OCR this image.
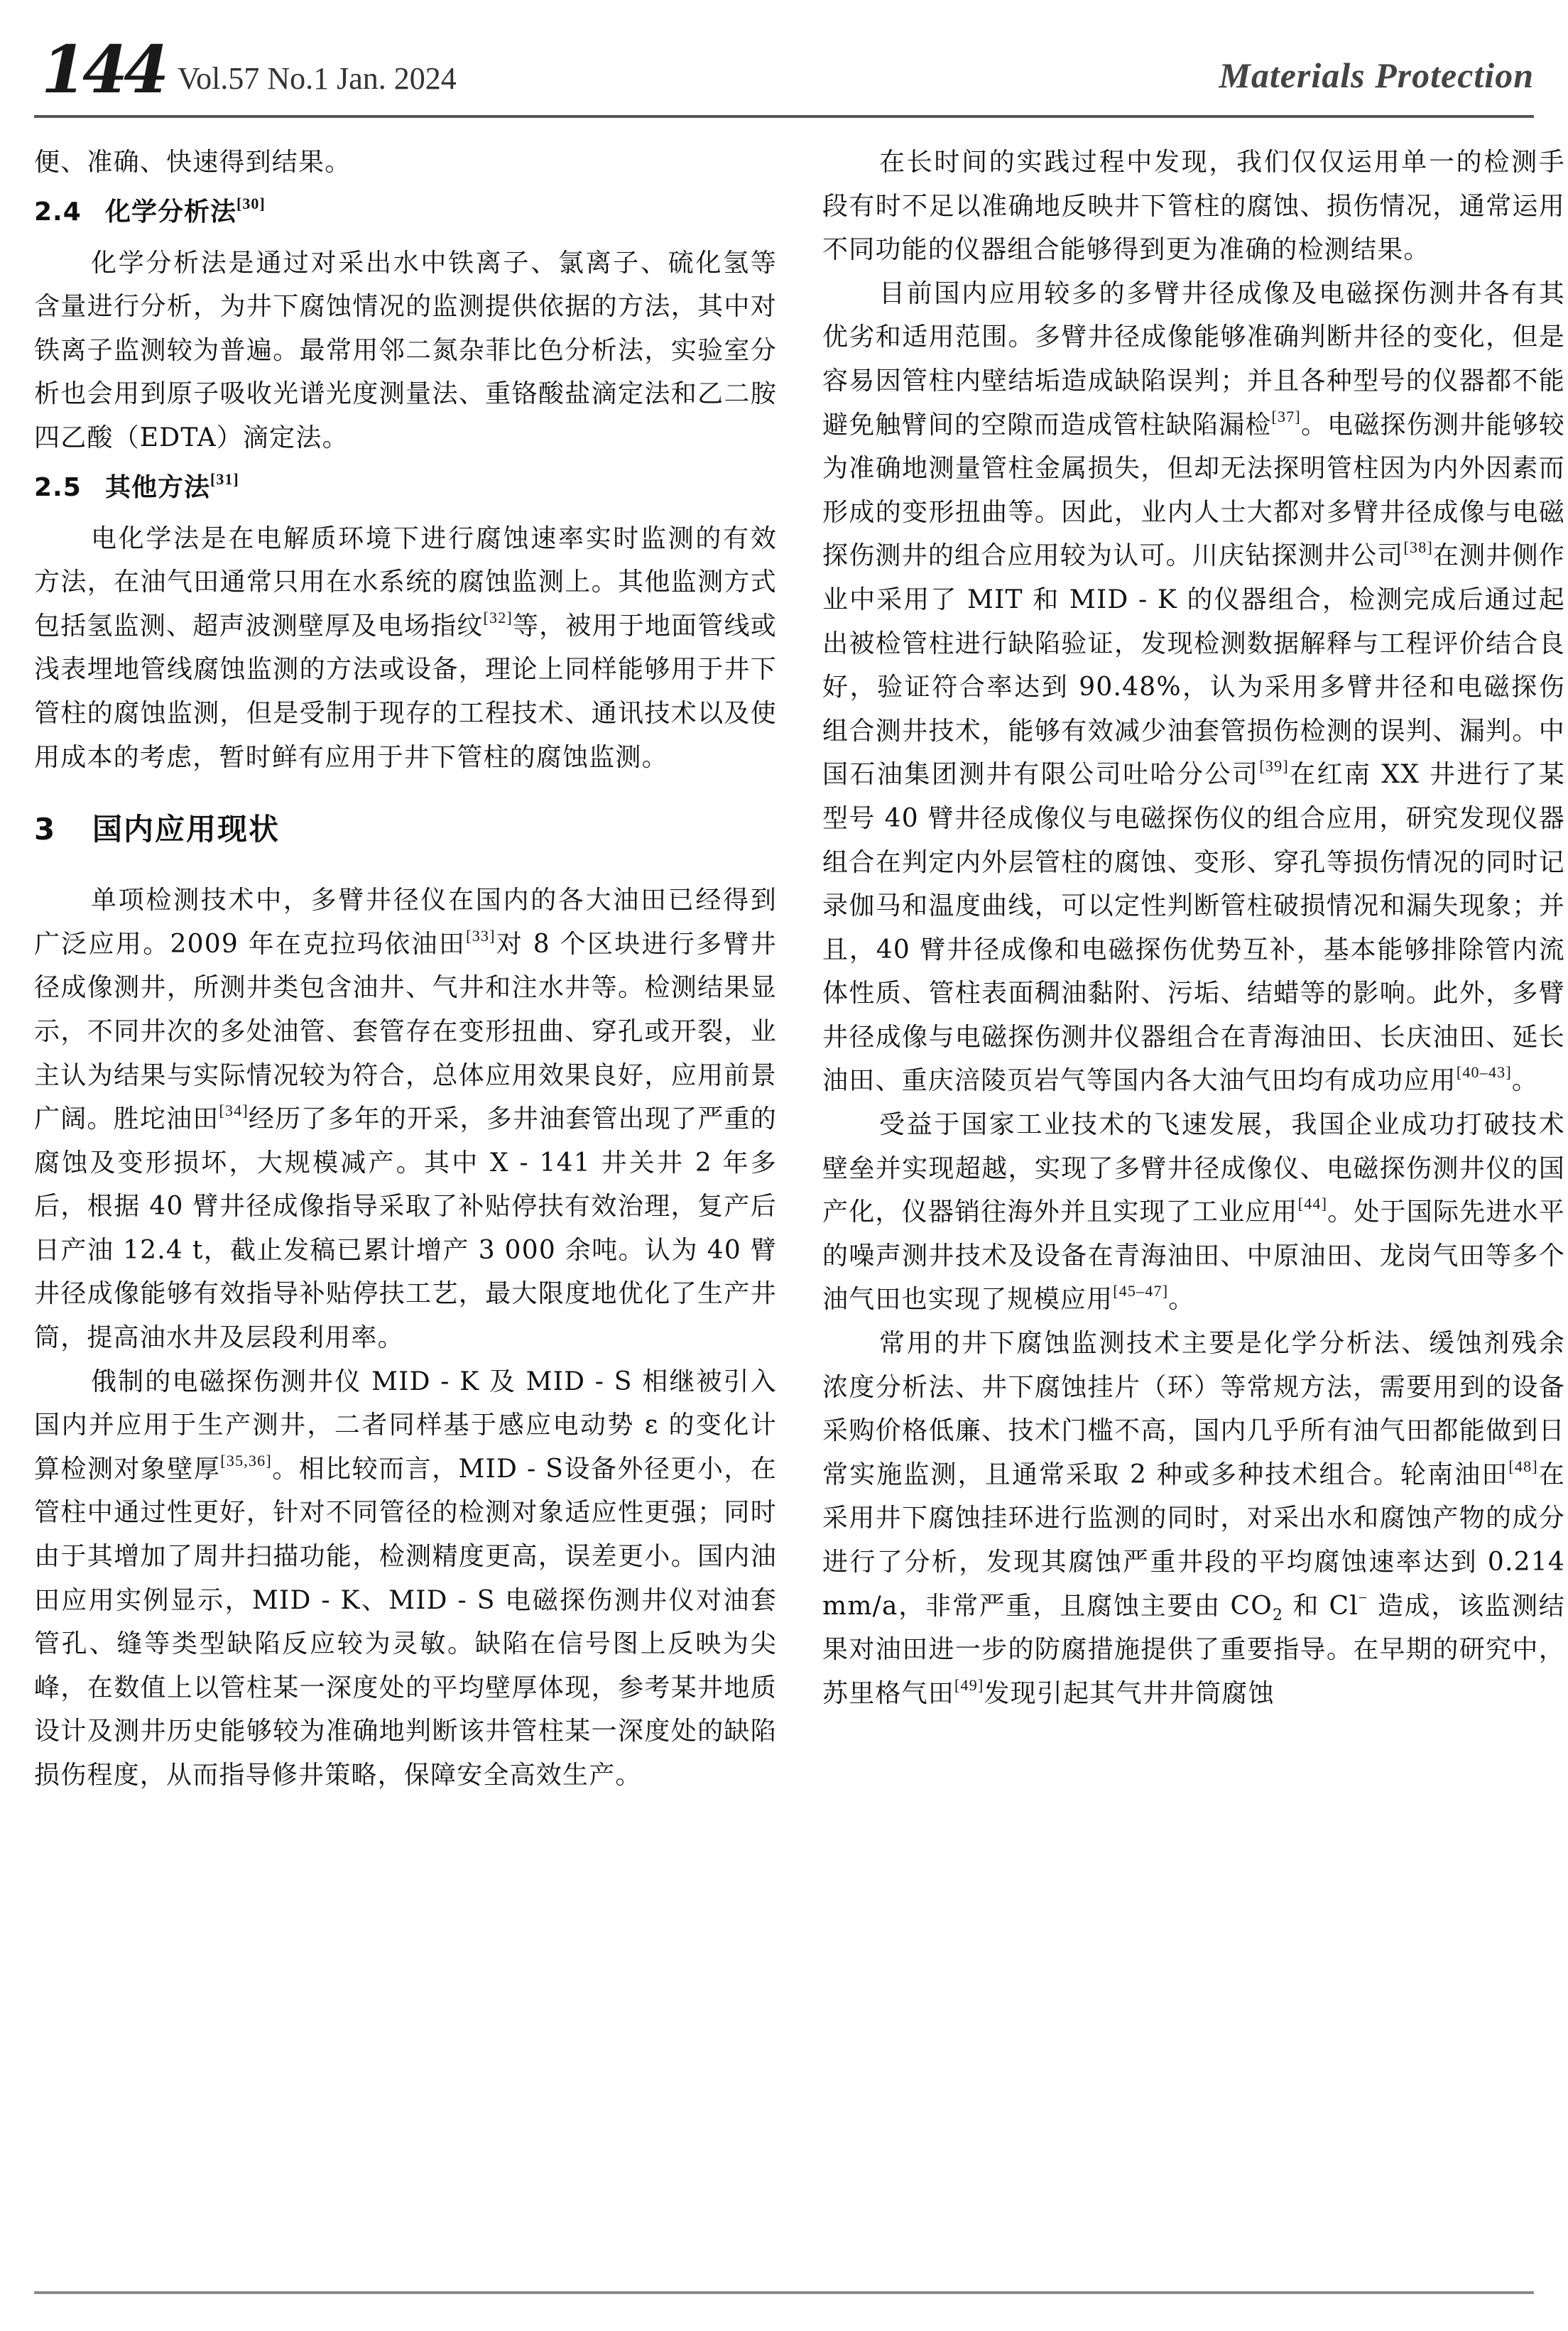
144 Vol.57 No.1 Jan. 2024	Materials Protection

便、准确、快速得到结果。

2.4 化学分析法[30]

化学分析法是通过对采出水中铁离子、氯离子、硫化氢等含量进行分析，为井下腐蚀情况的监测提供依据的方法，其中对铁离子监测较为普遍。最常用邻二氮杂菲比色分析法，实验室分析也会用到原子吸收光谱光度测量法、重铬酸盐滴定法和乙二胺四乙酸（EDTA）滴定法。

2.5 其他方法[31]

电化学法是在电解质环境下进行腐蚀速率实时监测的有效方法，在油气田通常只用在水系统的腐蚀监测上。其他监测方式包括氢监测、超声波测壁厚及电场指纹[32]等，被用于地面管线或浅表埋地管线腐蚀监测的方法或设备，理论上同样能够用于井下管柱的腐蚀监测，但是受制于现存的工程技术、通讯技术以及使用成本的考虑，暂时鲜有应用于井下管柱的腐蚀监测。

3 国内应用现状

单项检测技术中，多臂井径仪在国内的各大油田已经得到广泛应用。2009 年在克拉玛依油田[33]对 8 个区块进行多臂井径成像测井，所测井类包含油井、气井和注水井等。检测结果显示，不同井次的多处油管、套管存在变形扭曲、穿孔或开裂，业主认为结果与实际情况较为符合，总体应用效果良好，应用前景广阔。胜坨油田[34]经历了多年的开采，多井油套管出现了严重的腐蚀及变形损坏，大规模减产。其中 X - 141 井关井 2 年多后，根据 40 臂井径成像指导采取了补贴停扶有效治理，复产后日产油 12.4 t，截止发稿已累计增产 3 000 余吨。认为 40 臂井径成像能够有效指导补贴停扶工艺，最大限度地优化了生产井筒，提高油水井及层段利用率。

俄制的电磁探伤测井仪 MID - K 及 MID - S 相继被引入国内并应用于生产测井，二者同样基于感应电动势 ε 的变化计算检测对象壁厚[35,36]。相比较而言，MID - S设备外径更小，在管柱中通过性更好，针对不同管径的检测对象适应性更强；同时由于其增加了周井扫描功能，检测精度更高，误差更小。国内油田应用实例显示，MID - K、MID - S 电磁探伤测井仪对油套管孔、缝等类型缺陷反应较为灵敏。缺陷在信号图上反映为尖峰，在数值上以管柱某一深度处的平均壁厚体现，参考某井地质设计及测井历史能够较为准确地判断该井管柱某一深度处的缺陷损伤程度，从而指导修井策略，保障安全高效生产。

在长时间的实践过程中发现，我们仅仅运用单一的检测手段有时不足以准确地反映井下管柱的腐蚀、损伤情况，通常运用不同功能的仪器组合能够得到更为准确的检测结果。

目前国内应用较多的多臂井径成像及电磁探伤测井各有其优劣和适用范围。多臂井径成像能够准确判断井径的变化，但是容易因管柱内壁结垢造成缺陷误判；并且各种型号的仪器都不能避免触臂间的空隙而造成管柱缺陷漏检[37]。电磁探伤测井能够较为准确地测量管柱金属损失，但却无法探明管柱因为内外因素而形成的变形扭曲等。因此，业内人士大都对多臂井径成像与电磁探伤测井的组合应用较为认可。川庆钻探测井公司[38]在测井侧作业中采用了 MIT 和 MID - K 的仪器组合，检测完成后通过起出被检管柱进行缺陷验证，发现检测数据解释与工程评价结合良好，验证符合率达到 90.48%，认为采用多臂井径和电磁探伤组合测井技术，能够有效减少油套管损伤检测的误判、漏判。中国石油集团测井有限公司吐哈分公司[39]在红南 XX 井进行了某型号 40 臂井径成像仪与电磁探伤仪的组合应用，研究发现仪器组合在判定内外层管柱的腐蚀、变形、穿孔等损伤情况的同时记录伽马和温度曲线，可以定性判断管柱破损情况和漏失现象；并且，40 臂井径成像和电磁探伤优势互补，基本能够排除管内流体性质、管柱表面稠油黏附、污垢、结蜡等的影响。此外，多臂井径成像与电磁探伤测井仪器组合在青海油田、长庆油田、延长油田、重庆涪陵页岩气等国内各大油气田均有成功应用[40–43]。

受益于国家工业技术的飞速发展，我国企业成功打破技术壁垒并实现超越，实现了多臂井径成像仪、电磁探伤测井仪的国产化，仪器销往海外并且实现了工业应用[44]。处于国际先进水平的噪声测井技术及设备在青海油田、中原油田、龙岗气田等多个油气田也实现了规模应用[45–47]。

常用的井下腐蚀监测技术主要是化学分析法、缓蚀剂残余浓度分析法、井下腐蚀挂片（环）等常规方法，需要用到的设备采购价格低廉、技术门槛不高，国内几乎所有油气田都能做到日常实施监测，且通常采取 2 种或多种技术组合。轮南油田[48]在采用井下腐蚀挂环进行监测的同时，对采出水和腐蚀产物的成分进行了分析，发现其腐蚀严重井段的平均腐蚀速率达到 0.214 mm/a，非常严重，且腐蚀主要由 $CO_2$ 和 Cl− 造成，该监测结果对油田进一步的防腐措施提供了重要指导。在早期的研究中，苏里格气田[49]发现引起其气井井筒腐蚀
